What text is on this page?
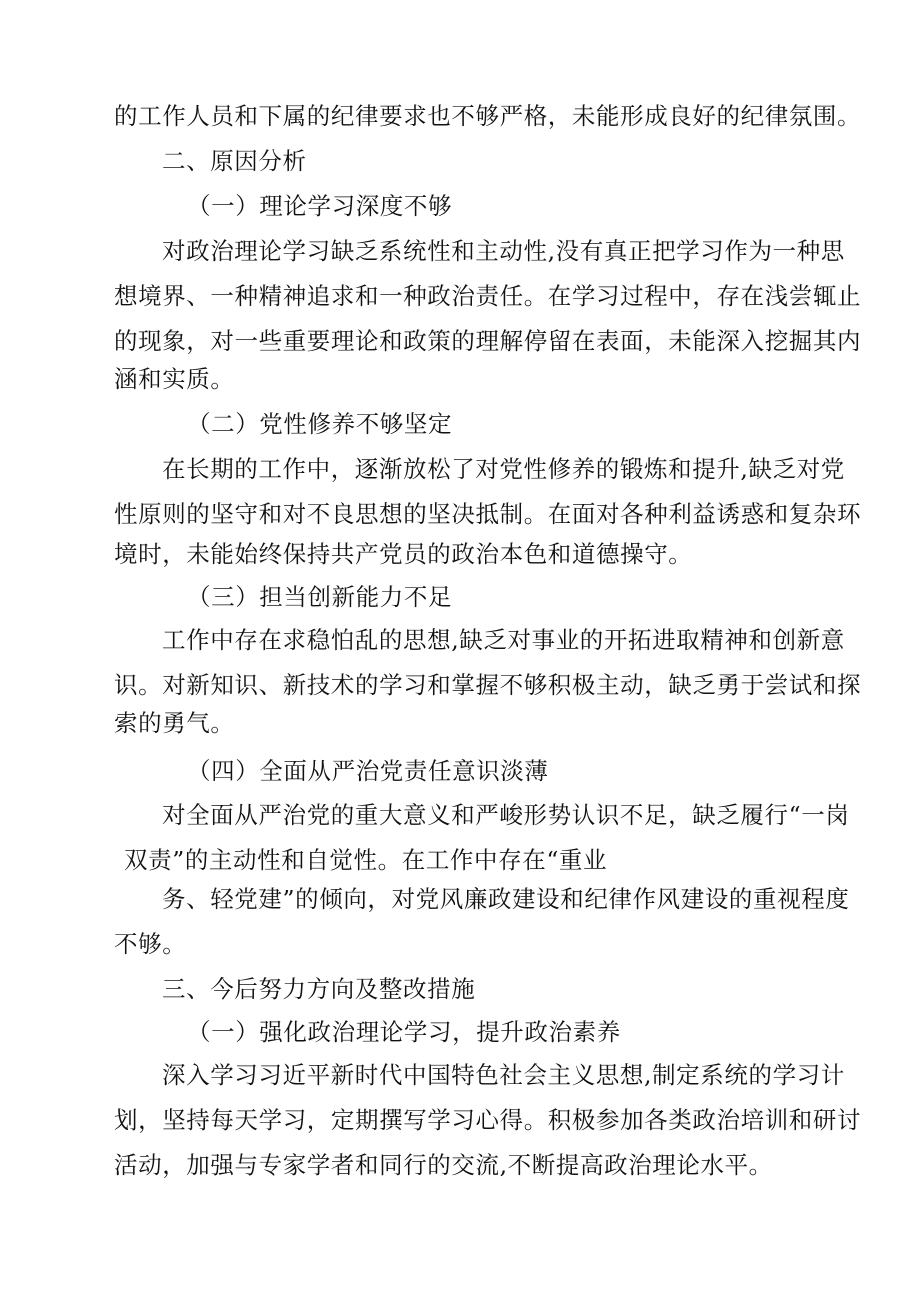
的工作人员和下属的纪律要求也不够严格，未能形成良好的纪律氛围。
二、原因分析
（一）理论学习深度不够
对政治理论学习缺乏系统性和主动性,没有真正把学习作为一种思
想境界、一种精神追求和一种政治责任。在学习过程中，存在浅尝辄止
的现象，对一些重要理论和政策的理解停留在表面，未能深入挖掘其内
涵和实质。
（二）党性修养不够坚定
在长期的工作中，逐渐放松了对党性修养的锻炼和提升,缺乏对党
性原则的坚守和对不良思想的坚决抵制。在面对各种利益诱惑和复杂环
境时，未能始终保持共产党员的政治本色和道德操守。
（三）担当创新能力不足
工作中存在求稳怕乱的思想,缺乏对事业的开拓进取精神和创新意
识。对新知识、新技术的学习和掌握不够积极主动，缺乏勇于尝试和探
索的勇气。
（四）全面从严治党责任意识淡薄
对全面从严治党的重大意义和严峻形势认识不足，缺乏履行“一岗
双责”的主动性和自觉性。在工作中存在“重业
务、轻党建”的倾向，对党风廉政建设和纪律作风建设的重视程度
不够。
三、今后努力方向及整改措施
（一）强化政治理论学习，提升政治素养
深入学习习近平新时代中国特色社会主义思想,制定系统的学习计
划，坚持每天学习，定期撰写学习心得。积极参加各类政治培训和研讨
活动，加强与专家学者和同行的交流,不断提高政治理论水平。
